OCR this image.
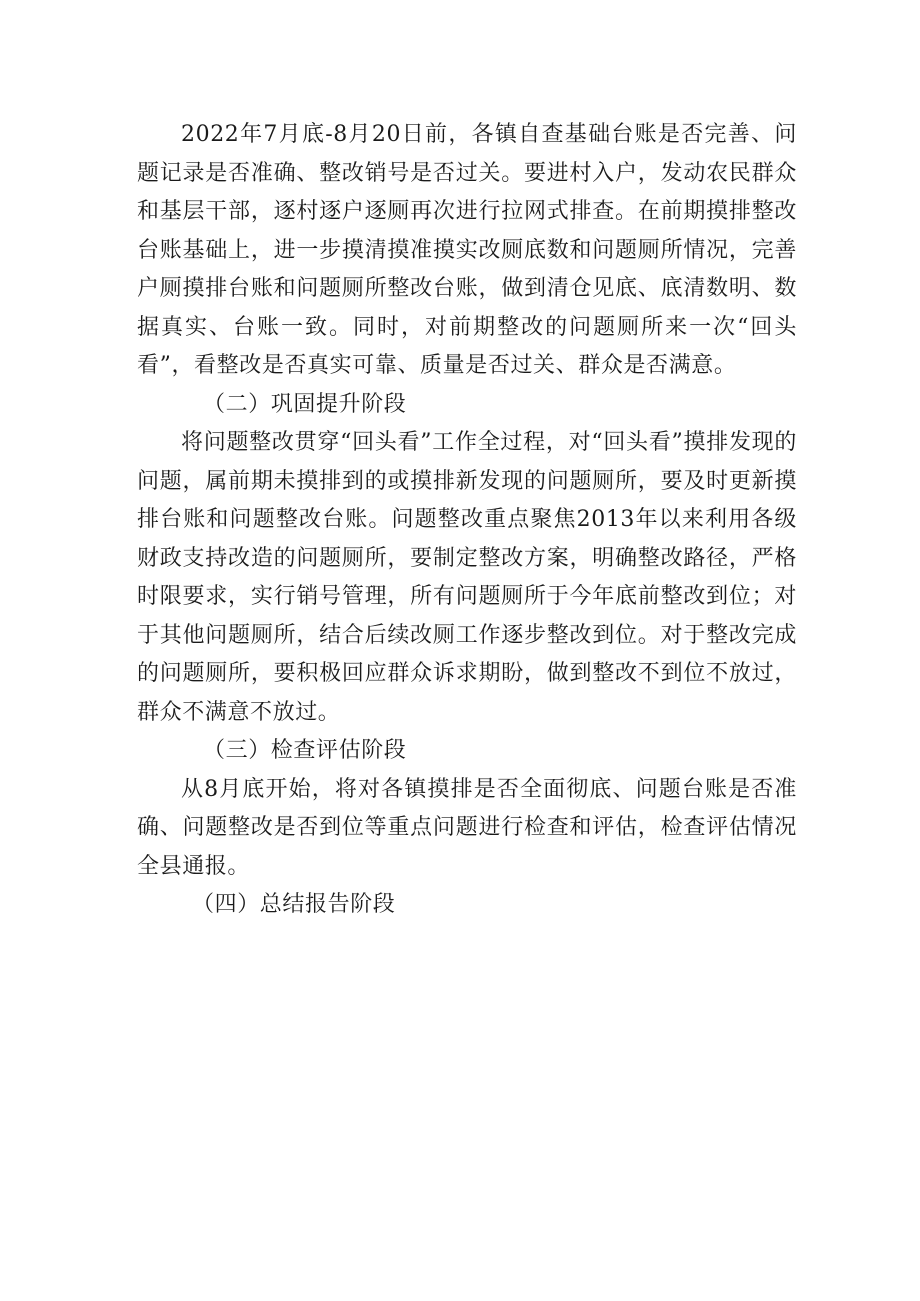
2022年7月底-8月20日前，各镇自查基础台账是否完善、问题记录是否准确、整改销号是否过关。要进村入户，发动农民群众和基层干部，逐村逐户逐厕再次进行拉网式排查。在前期摸排整改台账基础上，进一步摸清摸准摸实改厕底数和问题厕所情况，完善户厕摸排台账和问题厕所整改台账，做到清仓见底、底清数明、数据真实、台账一致。同时，对前期整改的问题厕所来一次“回头看”，看整改是否真实可靠、质量是否过关、群众是否满意。

（二）巩固提升阶段

将问题整改贯穿“回头看”工作全过程，对“回头看”摸排发现的问题，属前期未摸排到的或摸排新发现的问题厕所，要及时更新摸排台账和问题整改台账。问题整改重点聚焦2013年以来利用各级财政支持改造的问题厕所，要制定整改方案，明确整改路径，严格时限要求，实行销号管理，所有问题厕所于今年底前整改到位；对于其他问题厕所，结合后续改厕工作逐步整改到位。对于整改完成的问题厕所，要积极回应群众诉求期盼，做到整改不到位不放过，群众不满意不放过。

（三）检查评估阶段

从8月底开始，将对各镇摸排是否全面彻底、问题台账是否准确、问题整改是否到位等重点问题进行检查和评估，检查评估情况全县通报。

（四）总结报告阶段
